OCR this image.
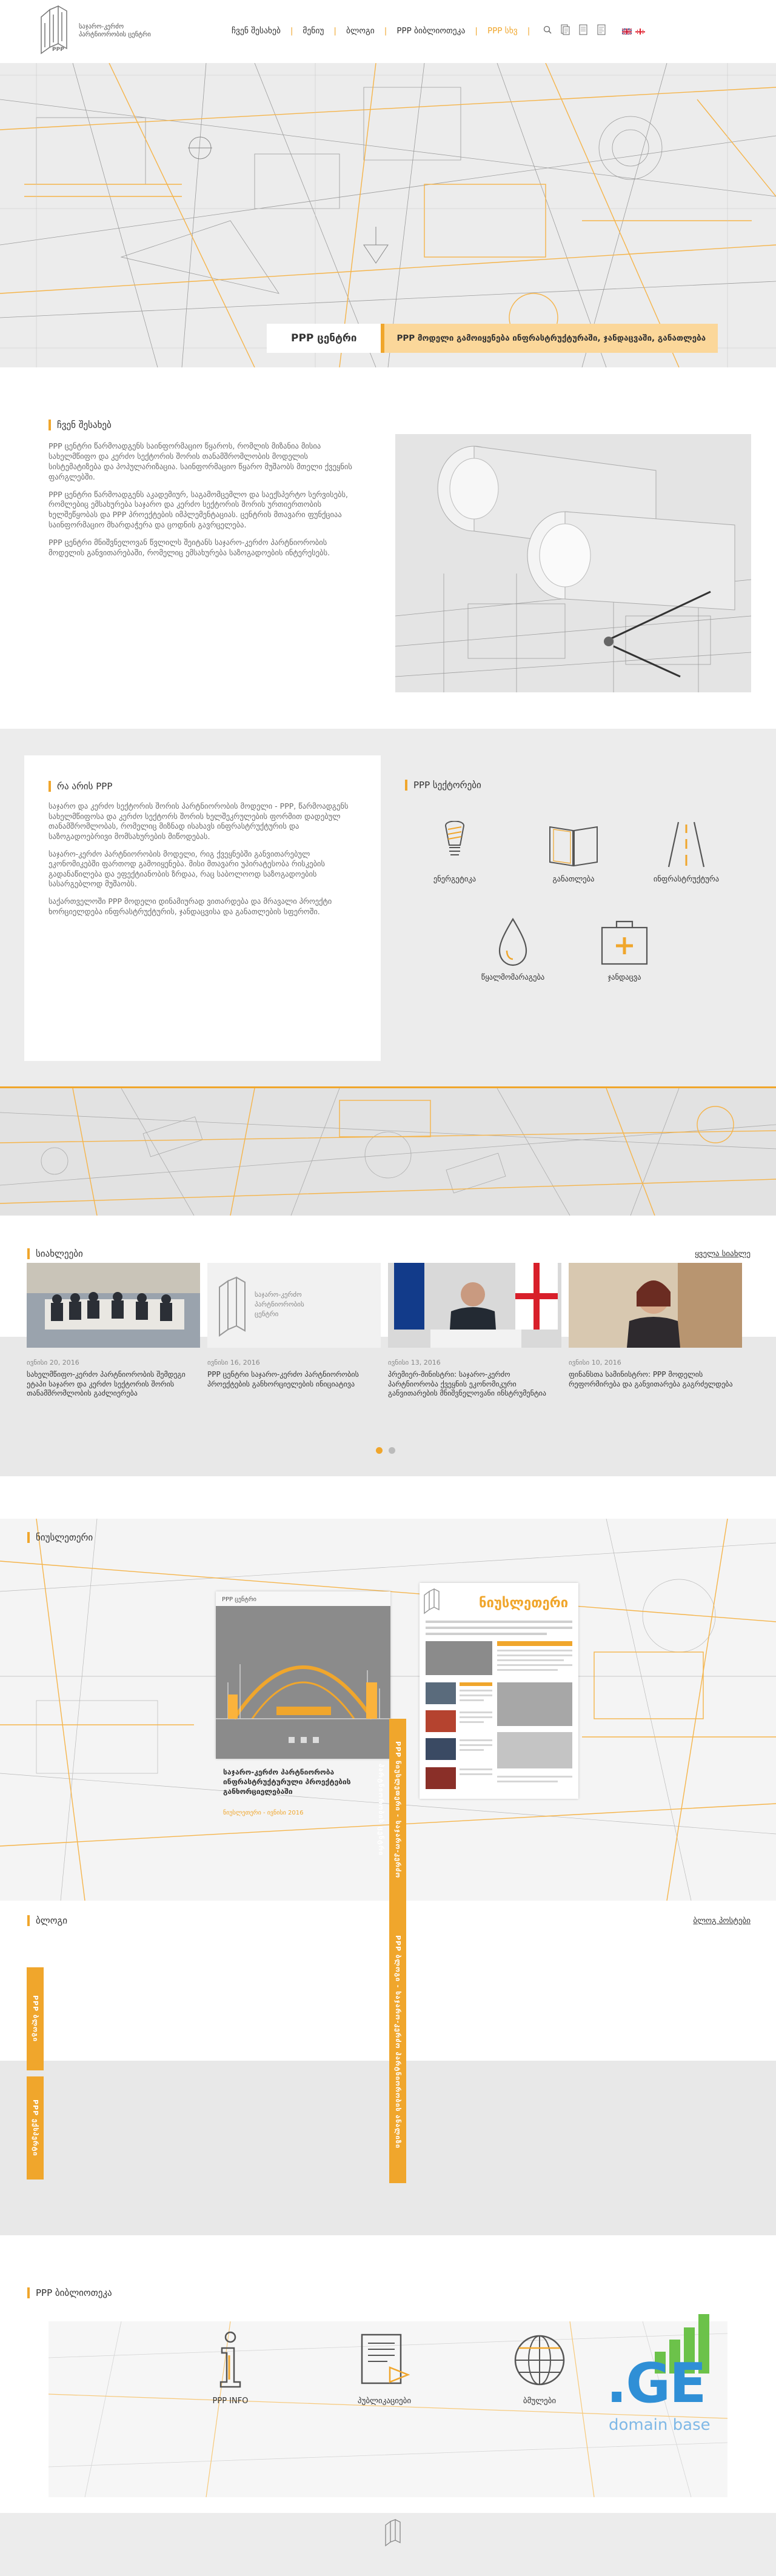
PPP
საჯარო-კერძო პარტნიორობის ცენტრი	ჩვენ შესახებ | მენიუ | ბლოგი | PPP ბიბლიოთეკა | PPP სხვ |
PPP ცენტრი	PPP მოდელი გამოიყენება ინფრასტრუქტურაში, ჯანდაცვაში, განათლება
ჩვენ შესახებ

PPP ცენტრი წარმოადგენს საინფორმაციო წყაროს, რომლის მიზანია მისია სახელმწიფო და კერძო სექტორის შორის თანამშრომლობის მოდელის სისტემატიზება და პოპულარიზაცია. საინფორმაციო წყარო მუშაობს მთელი ქვეყნის ფარგლებში.

PPP ცენტრი წარმოადგენს აკადემიურ, საგამომცემლო და საექსპერტო სერვისებს, რომლებიც ემსახურება საჯარო და კერძო სექტორის შორის ურთიერთობის ხელშეწყობას და PPP პროექტების იმპლემენტაციას. ცენტრის მთავარი ფუნქციაა საინფორმაციო მხარდაჭერა და ცოდნის გავრცელება.

PPP ცენტრი მნიშვნელოვან წვლილს შეიტანს საჯარო-კერძო პარტნიორობის მოდელის განვითარებაში, რომელიც ემსახურება საზოგადოების ინტერესებს.

რა არის PPP

საჯარო და კერძო სექტორის შორის პარტნიორობის მოდელი - PPP, წარმოადგენს სახელმწიფოსა და კერძო სექტორს შორის ხელშეკრულების ფორმით დადებულ თანამშრომლობას, რომელიც მიზნად ისახავს ინფრასტრუქტურის და საზოგადოებრივი მომსახურების მიწოდებას.

საჯარო-კერძო პარტნიორობის მოდელი, რიგ ქვეყნებში განვითარებულ ეკონომიკებში ფართოდ გამოიყენება. მისი მთავარი უპირატესობა რისკების გადანაწილება და ეფექტიანობის ზრდაა, რაც საბოლოოდ საზოგადოების სასარგებლოდ მუშაობს.

საქართველოში PPP მოდელი დინამიურად ვითარდება და მრავალი პროექტი ხორციელდება ინფრასტრუქტურის, ჯანდაცვისა და განათლების სფეროში.

PPP სექტორები
ენერგეტიკა	განათლება	ინფრასტრუქტურა
წყალმომარაგება	ჯანდაცვა
სიახლეები	ყველა სიახლე
ივნისი 20, 2016
სახელმწიფო-კერძო პარტნიორობის შემდეგი ეტაპი საჯარო და კერძო სექტორის შორის თანამშრომლობის გაძლიერება
საჯარო-კერძო
პარტნიორობის
ცენტრი
ივნისი 16, 2016
PPP ცენტრი საჯარო-კერძო პარტნიორობის პროექტების განხორციელების ინიციატივა
ივნისი 13, 2016
პრემიერ-მინისტრი: საჯარო-კერძო პარტნიორობა ქვეყნის ეკონომიკური განვითარების მნიშვნელოვანი ინსტრუმენტია
ივნისი 10, 2016
ფინანსთა სამინისტრო: PPP მოდელის რეფორმირება და განვითარება გაგრძელდება
ნიუსლეთერი
PPP ცენტრი
საჯარო-კერძო პარტნიორობა ინფრასტრუქტურული პროექტების განხორციელებაში
ნიუსლეთერი - ივნისი 2016
ნიუსლეთერი
PPP ნიუსლეთერი - საჯარო-კერძო პარტნიორობის ცენტრი
ბლოგი	ბლოგ პოსტები
PPP ბლოგი
PPP ექსპერტი	PPP ბლოგი - საჯარო-კერძო პარტნიორობის ანალიზი
PPP ბიბლიოთეკა
PPP INFO	პუბლიკაციები	ბმულები .GE
domain base
